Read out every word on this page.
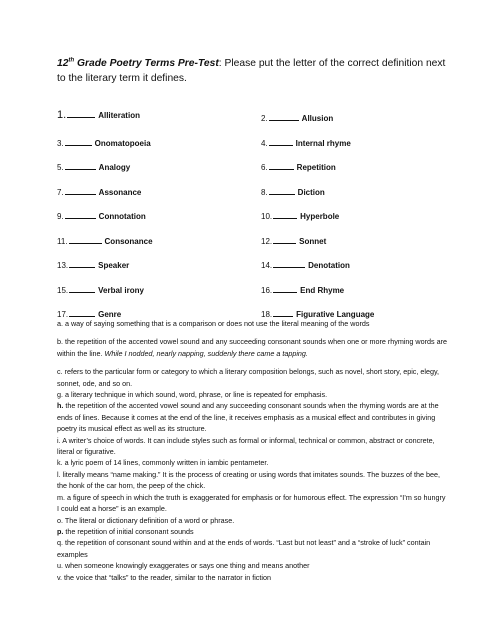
12th Grade Poetry Terms Pre-Test: Please put the letter of the correct definition next to the literary term it defines.
1.	Alliteration	2.	Allusion
3.	Onomatopoeia	4.	Internal rhyme
5.	Analogy	6.	Repetition
7.	Assonance	8.	Diction
9.	Connotation	10.	Hyperbole
11.	Consonance	12.	Sonnet
13.	Speaker	14.	Denotation
15.	Verbal irony	16.	End Rhyme
17.	Genre	18.	Figurative Language

a. a way of saying something that is a comparison or does not use the literal meaning of the words

b. the repetition of the accented vowel sound and any succeeding consonant sounds when one or more rhyming words are within the line. While I nodded, nearly napping, suddenly there came a tapping.

c. refers to the particular form or category to which a literary composition belongs, such as novel, short story, epic, elegy, sonnet, ode, and so on.

g. a literary technique in which sound, word, phrase, or line is repeated for emphasis.

h. the repetition of the accented vowel sound and any succeeding consonant sounds when the rhyming words are at the ends of lines. Because it comes at the end of the line, it receives emphasis as a musical effect and contributes in giving poetry its musical effect as well as its structure.

i. A writer’s choice of words. It can include styles such as formal or informal, technical or common, abstract or concrete, literal or figurative.

k. a lyric poem of 14 lines, commonly written in iambic pentameter.

l. literally means “name making.” It is the process of creating or using words that imitates sounds. The buzzes of the bee, the honk of the car horn, the peep of the chick.

m. a figure of speech in which the truth is exaggerated for emphasis or for humorous effect. The expression “I’m so hungry I could eat a horse” is an example.

o. The literal or dictionary definition of a word or phrase.

p. the repetition of initial consonant sounds

q. the repetition of consonant sound within and at the ends of words. “Last but not least” and a “stroke of luck” contain examples

u. when someone knowingly exaggerates or says one thing and means another

v. the voice that “talks” to the reader, similar to the narrator in fiction
